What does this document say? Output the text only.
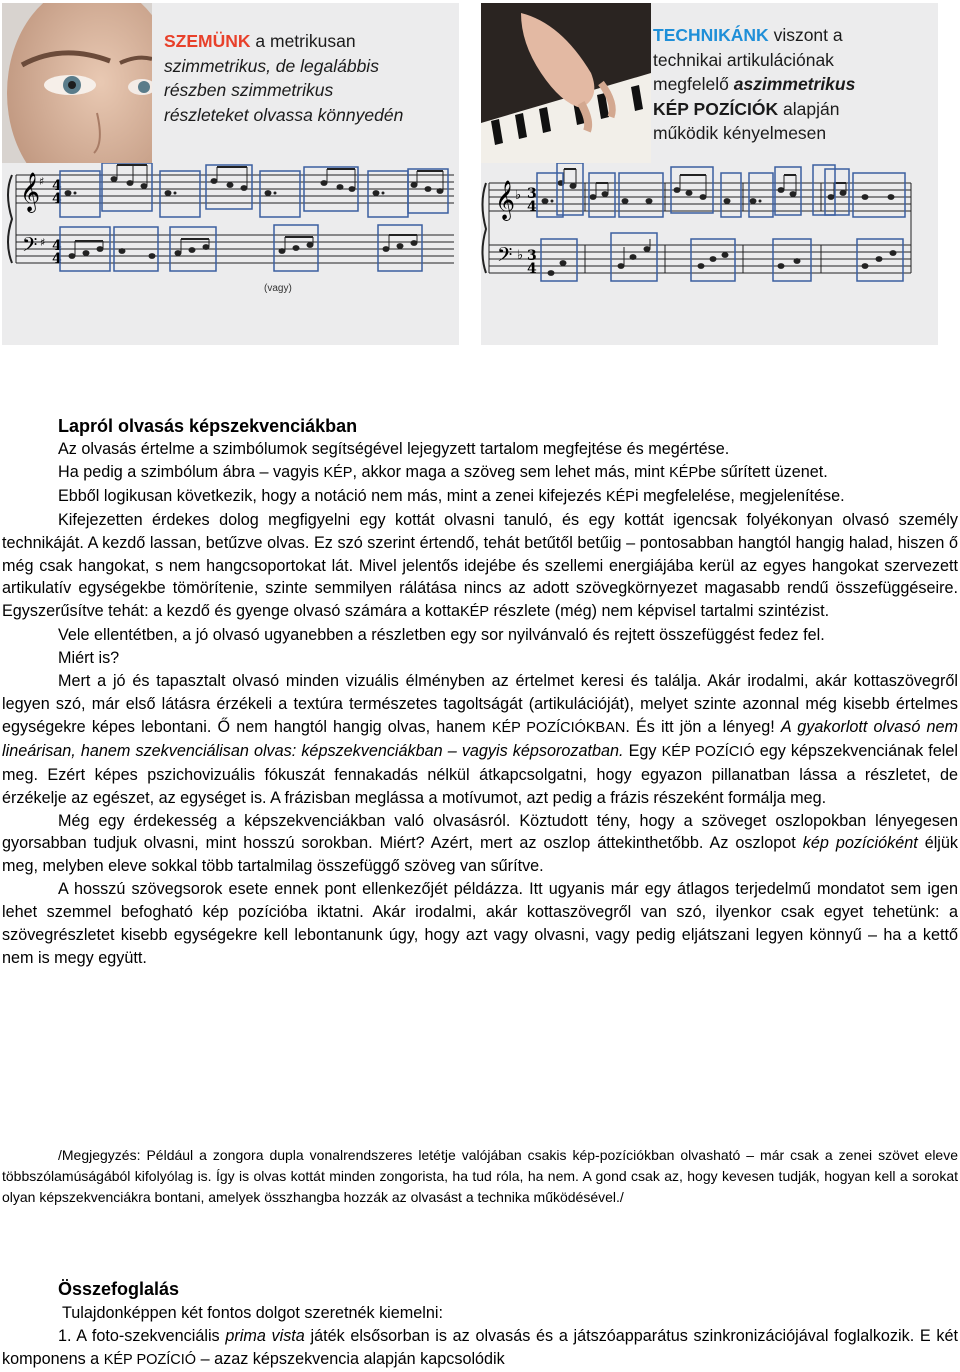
SZEMÜNK a metrikusan
szimmetrikus, de legalábbis
részben szimmetrikus
részleteket olvassa könnyedén
𝄞
𝄢
♯
♯
4
4
4
4
(vagy)
TECHNIKÁNK viszont a
technikai artikulációnak
megfelelő aszimmetrikus
KÉP POZÍCIÓK alapján
működik kényelmesen
𝄞
𝄢
♭
♭
3
4
3
4

Lapról olvasás képszekvenciákban

Az olvasás értelme a szimbólumok segítségével lejegyzett tartalom megfejtése és megértése.

Ha pedig a szimbólum ábra – vagyis KÉP, akkor maga a szöveg sem lehet más, mint KÉPbe sűrített üzenet.

Ebből logikusan következik, hogy a notáció nem más, mint a zenei kifejezés KÉPi megfelelése, megjelenítése.

Kifejezetten érdekes dolog megfigyelni egy kottát olvasni tanuló, és egy kottát igencsak folyékonyan olvasó személy technikáját. A kezdő lassan, betűzve olvas. Ez szó szerint értendő, tehát betűtől betűig – pontosabban hangtól hangig halad, hiszen ő még csak hangokat, s nem hangcsoportokat lát. Mivel jelentős idejébe és szellemi energiájába kerül az egyes hangokat szervezett artikulatív egységekbe tömörítenie, szinte semmilyen rálátása nincs az adott szövegkörnyezet magasabb rendű összefüggéseire. Egyszerűsítve tehát: a kezdő és gyenge olvasó számára a kottaKÉP részlete (még) nem képvisel tartalmi szintézist.

Vele ellentétben, a jó olvasó ugyanebben a részletben egy sor nyilvánvaló és rejtett összefüggést fedez fel.

Miért is?

Mert a jó és tapasztalt olvasó minden vizuális élményben az értelmet keresi és találja. Akár irodalmi, akár kottaszövegről legyen szó, már első látásra érzékeli a textúra természetes tagoltságát (artikulációját), melyet szinte azonnal még kisebb értelmes egységekre képes lebontani. Ő nem hangtól hangig olvas, hanem KÉP POZÍCIÓKBAN. És itt jön a lényeg! A gyakorlott olvasó nem lineárisan, hanem szekvenciálisan olvas: képszekvenciákban – vagyis képsorozatban. Egy KÉP POZÍCIÓ egy képszekvenciának felel meg. Ezért képes pszichovizuális fókuszát fennakadás nélkül átkapcsolgatni, hogy egyazon pillanatban lássa a részletet, de érzékelje az egészet, az egységet is. A frázisban meglássa a motívumot, azt pedig a frázis részeként formálja meg.

Még egy érdekesség a képszekvenciákban való olvasásról. Köztudott tény, hogy a szöveget oszlopokban lényegesen gyorsabban tudjuk olvasni, mint hosszú sorokban. Miért? Azért, mert az oszlop áttekinthetőbb. Az oszlopot kép pozícióként éljük meg, melyben eleve sokkal több tartalmilag összefüggő szöveg van sűrítve.

A hosszú szövegsorok esete ennek pont ellenkezőjét példázza. Itt ugyanis már egy átlagos terjedelmű mondatot sem igen lehet szemmel befogható kép pozícióba iktatni. Akár irodalmi, akár kottaszövegről van szó, ilyenkor csak egyet tehetünk: a szövegrészletet kisebb egységekre kell lebontanunk úgy, hogy azt vagy olvasni, vagy pedig eljátszani legyen könnyű – ha a kettő nem is megy együtt.

/Megjegyzés: Például a zongora dupla vonalrendszeres letétje valójában csakis kép-pozíciókban olvasható – már csak a zenei szövet eleve többszólamúságából kifolyólag is. Így is olvas kottát minden zongorista, ha tud róla, ha nem. A gond csak az, hogy kevesen tudják, hogyan kell a sorokat olyan képszekvenciákra bontani, amelyek összhangba hozzák az olvasást a technika működésével./

Összefoglalás

Tulajdonképpen két fontos dolgot szeretnék kiemelni:

1. A foto-szekvenciális prima vista játék elsősorban is az olvasás és a játszóapparátus szinkronizációjával foglalkozik. E két komponens a KÉP POZÍCIÓ – azaz képszekvencia alapján kapcsolódik
